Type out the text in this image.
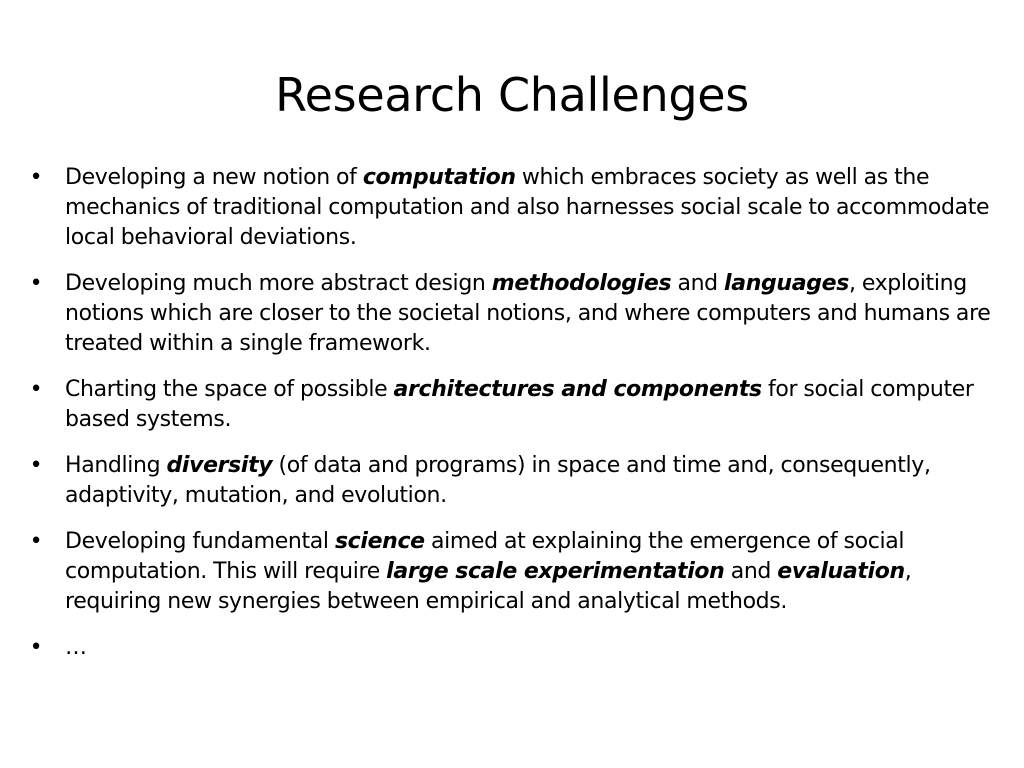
Research Challenges
• Developing a new notion of computation which embraces society as well as the mechanics of traditional computation and also harnesses social scale to accommodate local behavioral deviations.
• Developing much more abstract design methodologies and languages, exploiting notions which are closer to the societal notions, and where computers and humans are treated within a single framework.
• Charting the space of possible architectures and components for social computer based systems.
• Handling diversity (of data and programs) in space and time and, consequently, adaptivity, mutation, and evolution.
• Developing fundamental science aimed at explaining the emergence of social computation. This will require large scale experimentation and evaluation, requiring new synergies between empirical and analytical methods.
• …
